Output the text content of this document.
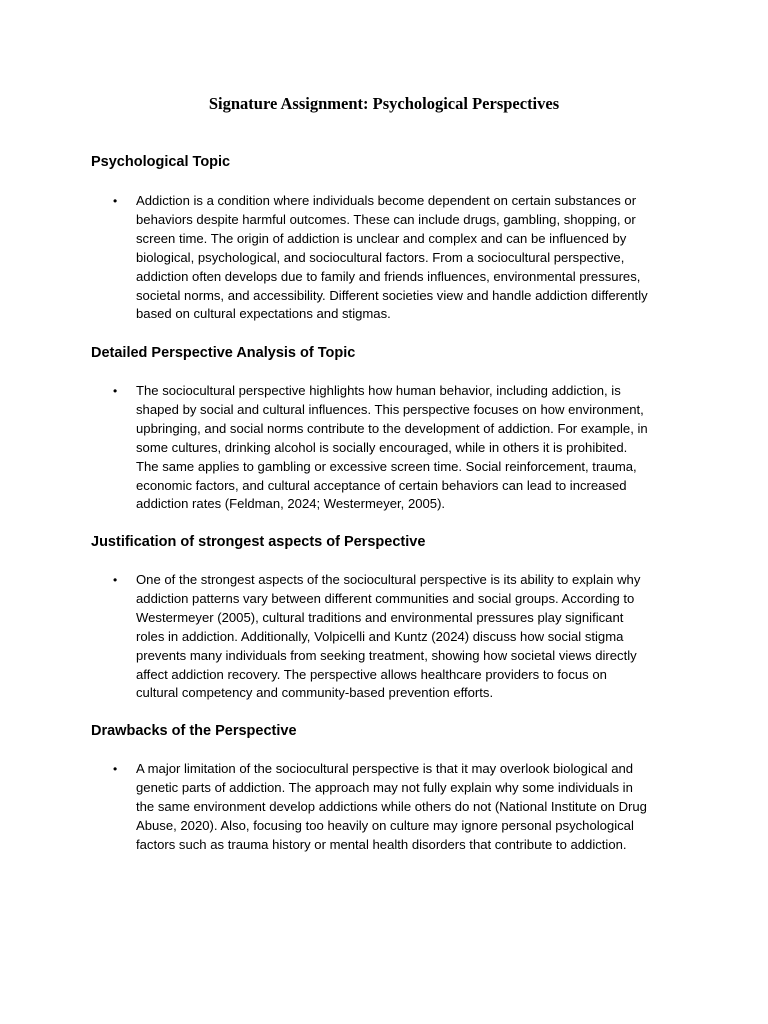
Signature Assignment: Psychological Perspectives
Psychological Topic
• Addiction is a condition where individuals become dependent on certain substances or
behaviors despite harmful outcomes. These can include drugs, gambling, shopping, or
screen time. The origin of addiction is unclear and complex and can be influenced by
biological, psychological, and sociocultural factors. From a sociocultural perspective,
addiction often develops due to family and friends influences, environmental pressures,
societal norms, and accessibility. Different societies view and handle addiction differently
based on cultural expectations and stigmas.
Detailed Perspective Analysis of Topic
• The sociocultural perspective highlights how human behavior, including addiction, is
shaped by social and cultural influences. This perspective focuses on how environment,
upbringing, and social norms contribute to the development of addiction. For example, in
some cultures, drinking alcohol is socially encouraged, while in others it is prohibited.
The same applies to gambling or excessive screen time. Social reinforcement, trauma,
economic factors, and cultural acceptance of certain behaviors can lead to increased
addiction rates (Feldman, 2024; Westermeyer, 2005).
Justification of strongest aspects of Perspective
• One of the strongest aspects of the sociocultural perspective is its ability to explain why
addiction patterns vary between different communities and social groups. According to
Westermeyer (2005), cultural traditions and environmental pressures play significant
roles in addiction. Additionally, Volpicelli and Kuntz (2024) discuss how social stigma
prevents many individuals from seeking treatment, showing how societal views directly
affect addiction recovery. The perspective allows healthcare providers to focus on
cultural competency and community-based prevention efforts.
Drawbacks of the Perspective
• A major limitation of the sociocultural perspective is that it may overlook biological and
genetic parts of addiction. The approach may not fully explain why some individuals in
the same environment develop addictions while others do not (National Institute on Drug
Abuse, 2020). Also, focusing too heavily on culture may ignore personal psychological
factors such as trauma history or mental health disorders that contribute to addiction.
